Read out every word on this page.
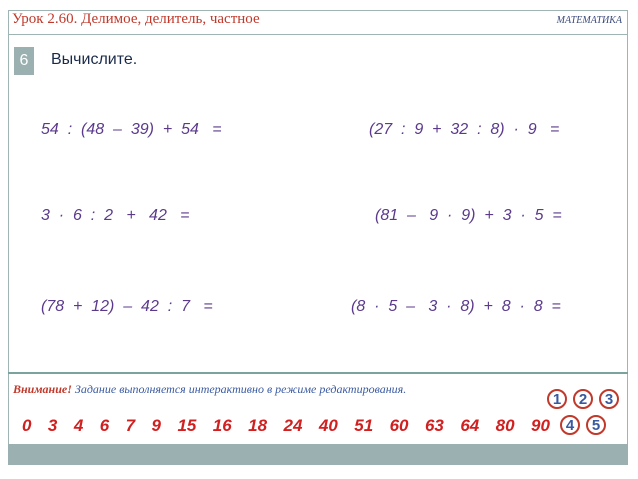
Урок 2.60. Делимое, делитель, частное	МАТЕМАТИКА
6	Вычислите.
54  :  (48  –  39)  +  54   =	(27  :  9  +  32  :  8)  ·  9   =
3  ·  6  :  2   +   42   =	(81  –   9  ·  9)  +  3  ·  5  =
(78  +  12)  –  42  :  7   =	(8  ·  5  –   3  ·  8)  +  8  ·  8  =
Внимание! Задание выполняется интерактивно в режиме редактирования.
1	2	3
4	5
0 3 4 6 7 9 15 16 18 24 40 51 60 63 64 80 90
